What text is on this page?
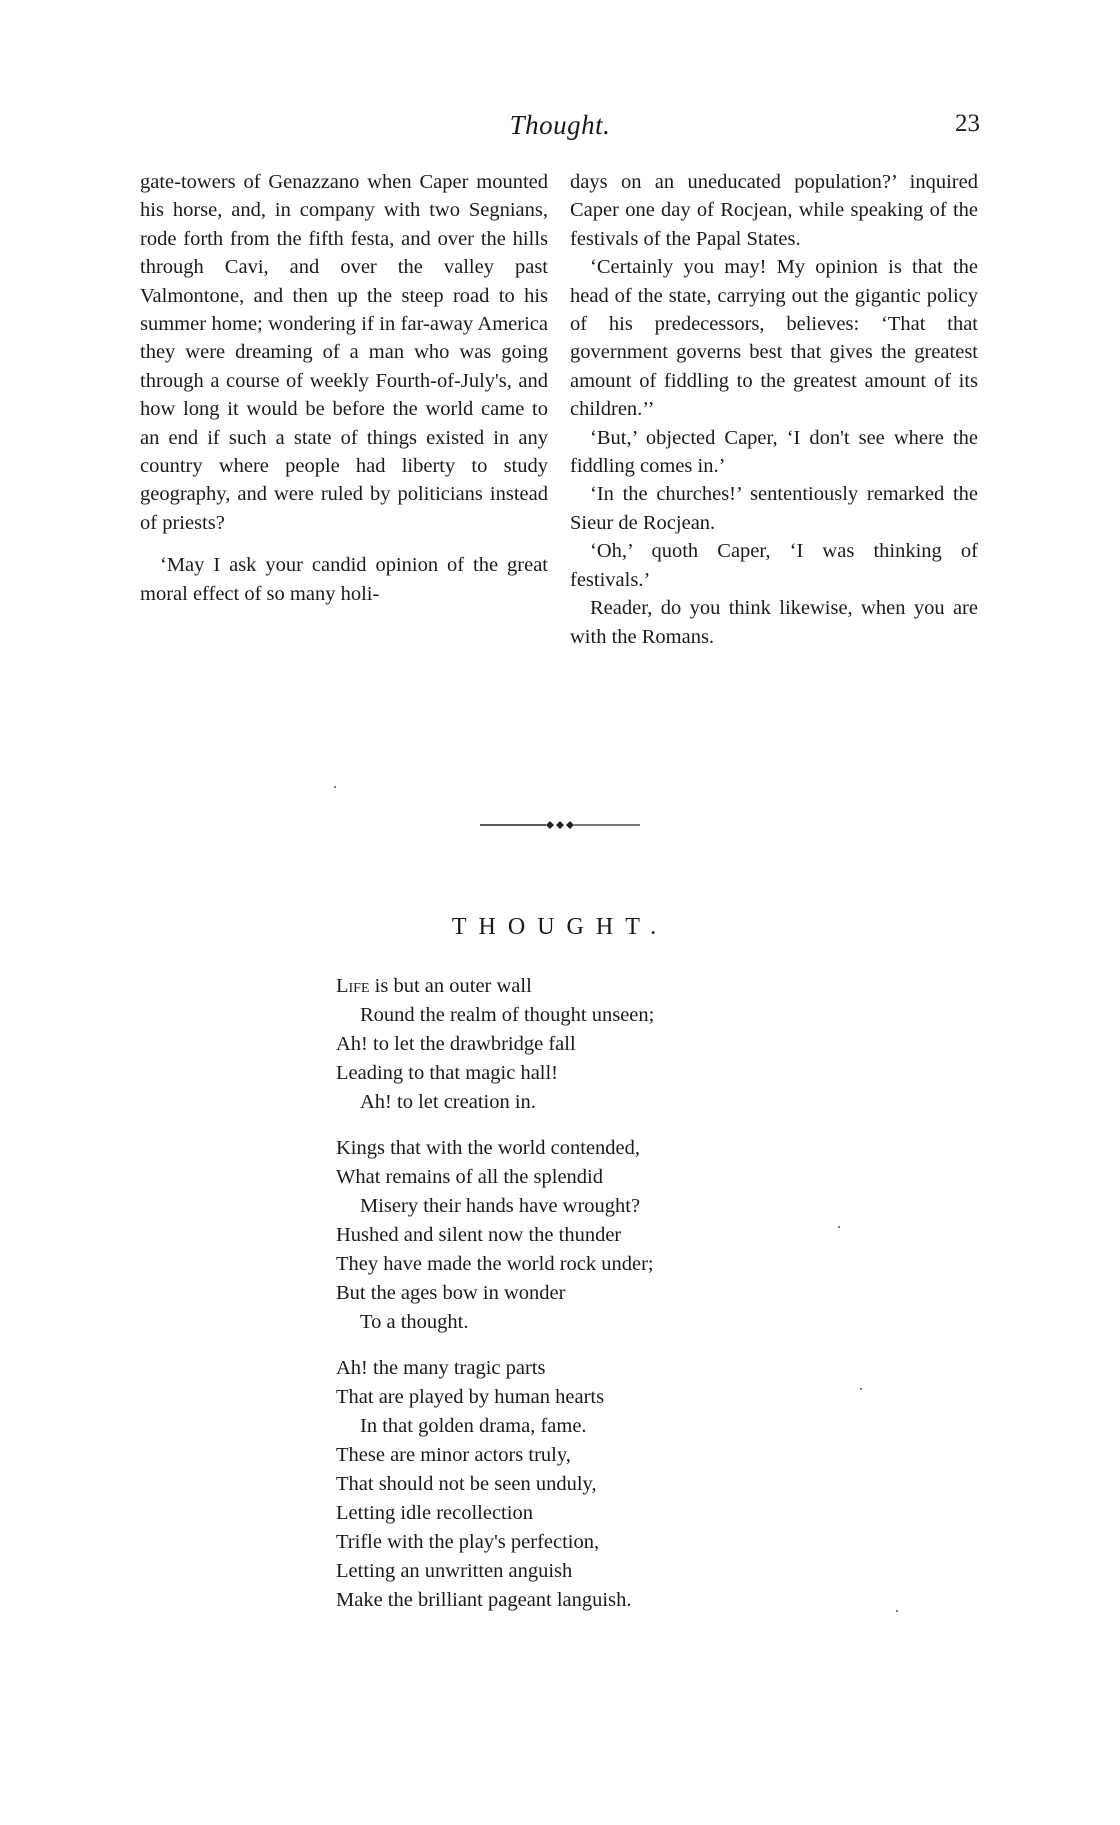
Thought.	23

gate-towers of Genazzano when Caper mounted his horse, and, in company with two Segnians, rode forth from the fifth festa, and over the hills through Cavi, and over the valley past Valmontone, and then up the steep road to his summer home; wondering if in far-away America they were dreaming of a man who was going through a course of weekly Fourth-of-July's, and how long it would be before the world came to an end if such a state of things existed in any country where people had liberty to study geography, and were ruled by politicians instead of priests?

‘May I ask your candid opinion of the great moral effect of so many holi-

days on an uneducated population?’ inquired Caper one day of Rocjean, while speaking of the festivals of the Papal States.

‘Certainly you may! My opinion is that the head of the state, carrying out the gigantic policy of his predecessors, believes: ‘That that government governs best that gives the greatest amount of fiddling to the greatest amount of its children.’’

‘But,’ objected Caper, ‘I don't see where the fiddling comes in.’

‘In the churches!’ sententiously remarked the Sieur de Rocjean.

‘Oh,’ quoth Caper, ‘I was thinking of festivals.’

Reader, do you think likewise, when you are with the Romans.

THOUGHT.
Life is but an outer wall
Round the realm of thought unseen;
Ah! to let the drawbridge fall
Leading to that magic hall!
Ah! to let creation in.
Kings that with the world contended,
What remains of all the splendid
Misery their hands have wrought?
Hushed and silent now the thunder
They have made the world rock under;
But the ages bow in wonder
To a thought.
Ah! the many tragic parts
That are played by human hearts
In that golden drama, fame.
These are minor actors truly,
That should not be seen unduly,
Letting idle recollection
Trifle with the play's perfection,
Letting an unwritten anguish
Make the brilliant pageant languish.
